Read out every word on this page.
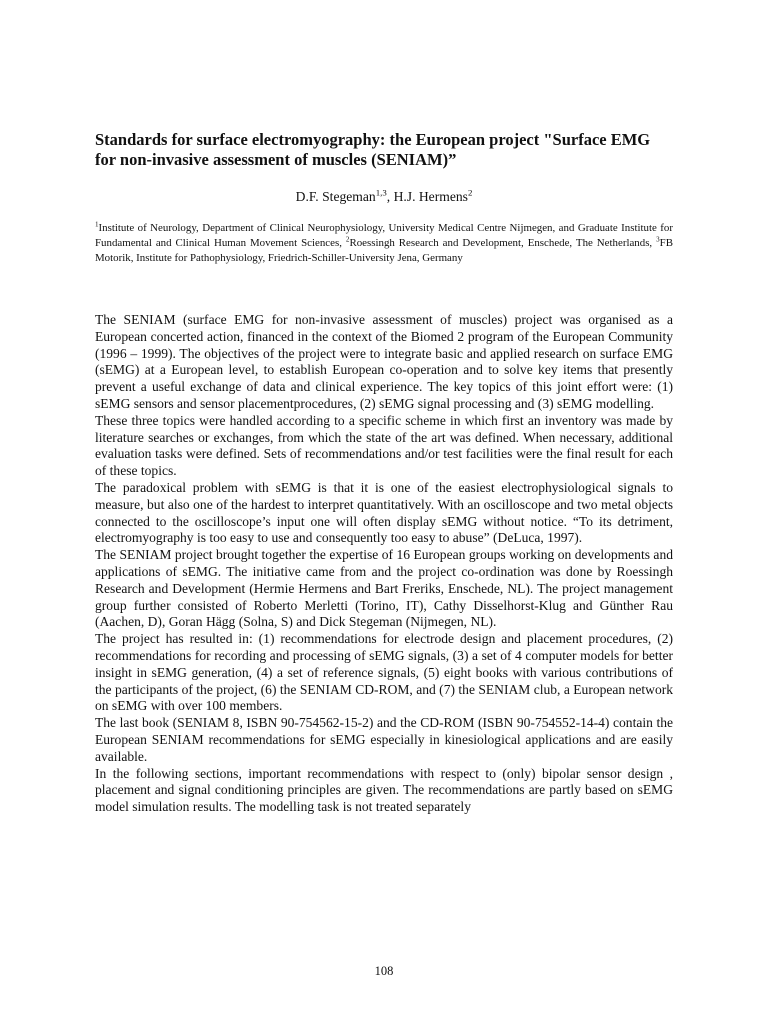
Standards for surface electromyography: the European project "Surface EMG for non-invasive assessment of muscles (SENIAM)”
D.F. Stegeman$^{1,3}$, H.J. Hermens$^2$
$^1$Institute of Neurology, Department of Clinical Neurophysiology, University Medical Centre Nijmegen, and Graduate Institute for Fundamental and Clinical Human Movement Sciences, $^2$Roessingh Research and Development, Enschede, The Netherlands, $^3$FB Motorik, Institute for Pathophysiology, Friedrich-Schiller-University Jena, Germany

The SENIAM (surface EMG for non-invasive assessment of muscles) project was organised as a European concerted action, financed in the context of the Biomed 2 program of the European Community (1996 – 1999). The objectives of the project were to integrate basic and applied research on surface EMG (sEMG) at a European level, to establish European co-operation and to solve key items that presently prevent a useful exchange of data and clinical experience. The key topics of this joint effort were: (1) sEMG sensors and sensor placementprocedures, (2) sEMG signal processing and (3) sEMG modelling.

These three topics were handled according to a specific scheme in which first an inventory was made by literature searches or exchanges, from which the state of the art was defined. When necessary, additional evaluation tasks were defined. Sets of recommendations and/or test facilities were the final result for each of these topics.

The paradoxical problem with sEMG is that it is one of the easiest electrophysiological signals to measure, but also one of the hardest to interpret quantitatively. With an oscilloscope and two metal objects connected to the oscilloscope’s input one will often display sEMG without notice. “To its detriment, electromyography is too easy to use and consequently too easy to abuse” (DeLuca, 1997).

The SENIAM project brought together the expertise of 16 European groups working on developments and applications of sEMG. The initiative came from and the project co-ordination was done by Roessingh Research and Development (Hermie Hermens and Bart Freriks, Enschede, NL). The project management group further consisted of Roberto Merletti (Torino, IT), Cathy Disselhorst-Klug and Günther Rau (Aachen, D), Goran Hägg (Solna, S) and Dick Stegeman (Nijmegen, NL).

The project has resulted in: (1) recommendations for electrode design and placement procedures, (2) recommendations for recording and processing of sEMG signals, (3) a set of 4 computer models for better insight in sEMG generation, (4) a set of reference signals, (5) eight books with various contributions of the participants of the project, (6) the SENIAM CD-ROM, and (7) the SENIAM club, a European network on sEMG with over 100 members.

The last book (SENIAM 8, ISBN 90-754562-15-2) and the CD-ROM (ISBN 90-754552-14-4) contain the European SENIAM recommendations for sEMG especially in kinesiological applications and are easily available.

In the following sections, important recommendations with respect to (only) bipolar sensor design , placement and signal conditioning principles are given. The recommendations are partly based on sEMG model simulation results. The modelling task is not treated separately

108
